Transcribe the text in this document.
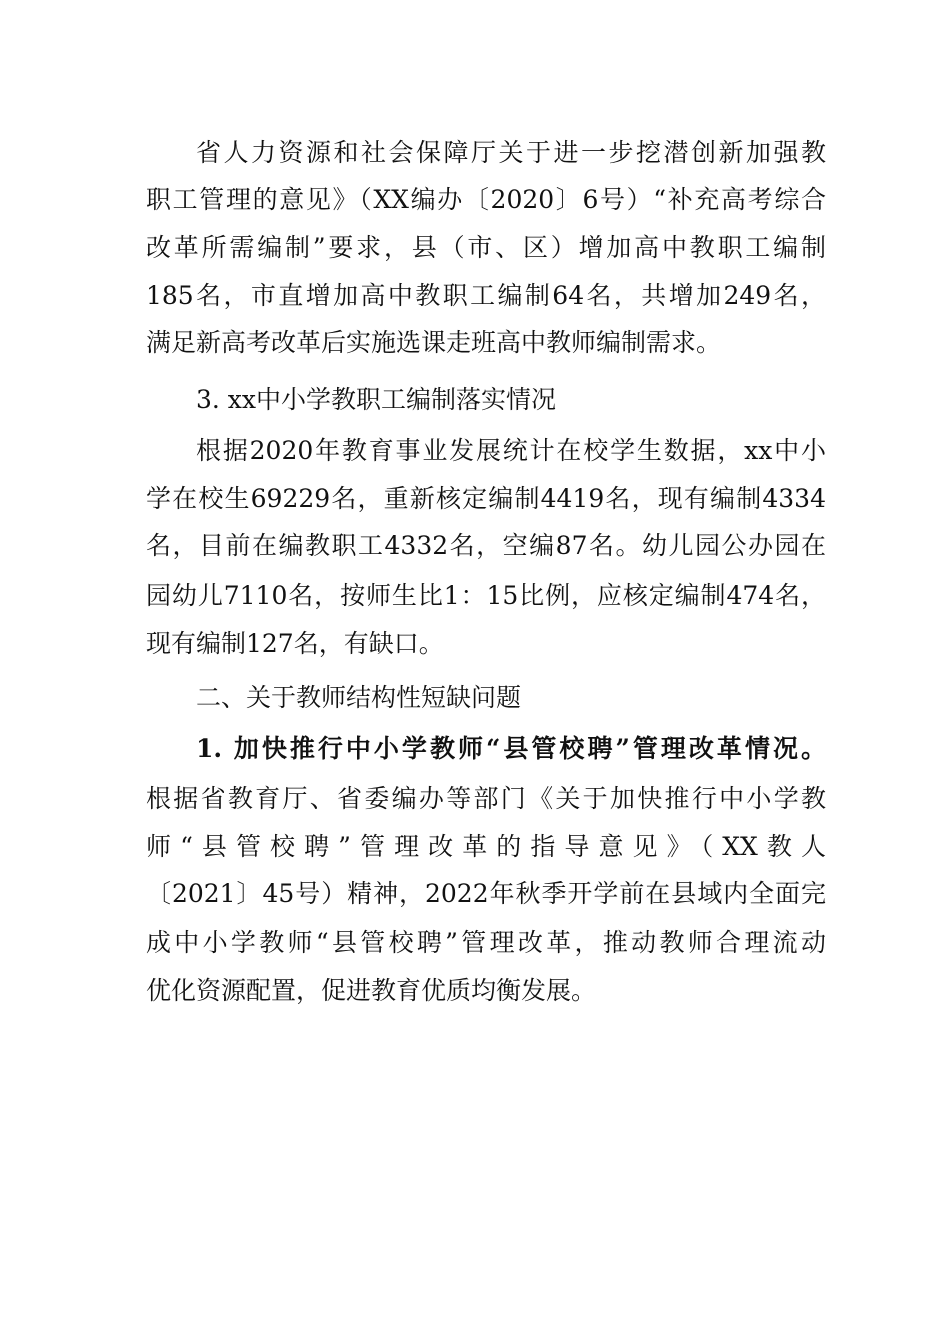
省人力资源和社会保障厅关于进一步挖潜创新加强教
职工管理的意见》（XX编办〔2020〕6号）“补充高考综合
改革所需编制”要求，县（市、区）增加高中教职工编制
185名，市直增加高中教职工编制64名，共增加249名，
满足新高考改革后实施选课走班高中教师编制需求。
3. xx中小学教职工编制落实情况
根据2020年教育事业发展统计在校学生数据，xx中小
学在校生69229名，重新核定编制4419名，现有编制4334
名，目前在编教职工4332名，空编87名。幼儿园公办园在
园幼儿7110名，按师生比1：15比例，应核定编制474名，
现有编制127名，有缺口。
二、关于教师结构性短缺问题
1. 加快推行中小学教师“县管校聘”管理改革情况。
根据省教育厅、省委编办等部门《关于加快推行中小学教
师“县管校聘”管理改革的指导意见》（XX教人
〔2021〕45号）精神，2022年秋季开学前在县域内全面完
成中小学教师“县管校聘”管理改革，推动教师合理流动
优化资源配置，促进教育优质均衡发展。
